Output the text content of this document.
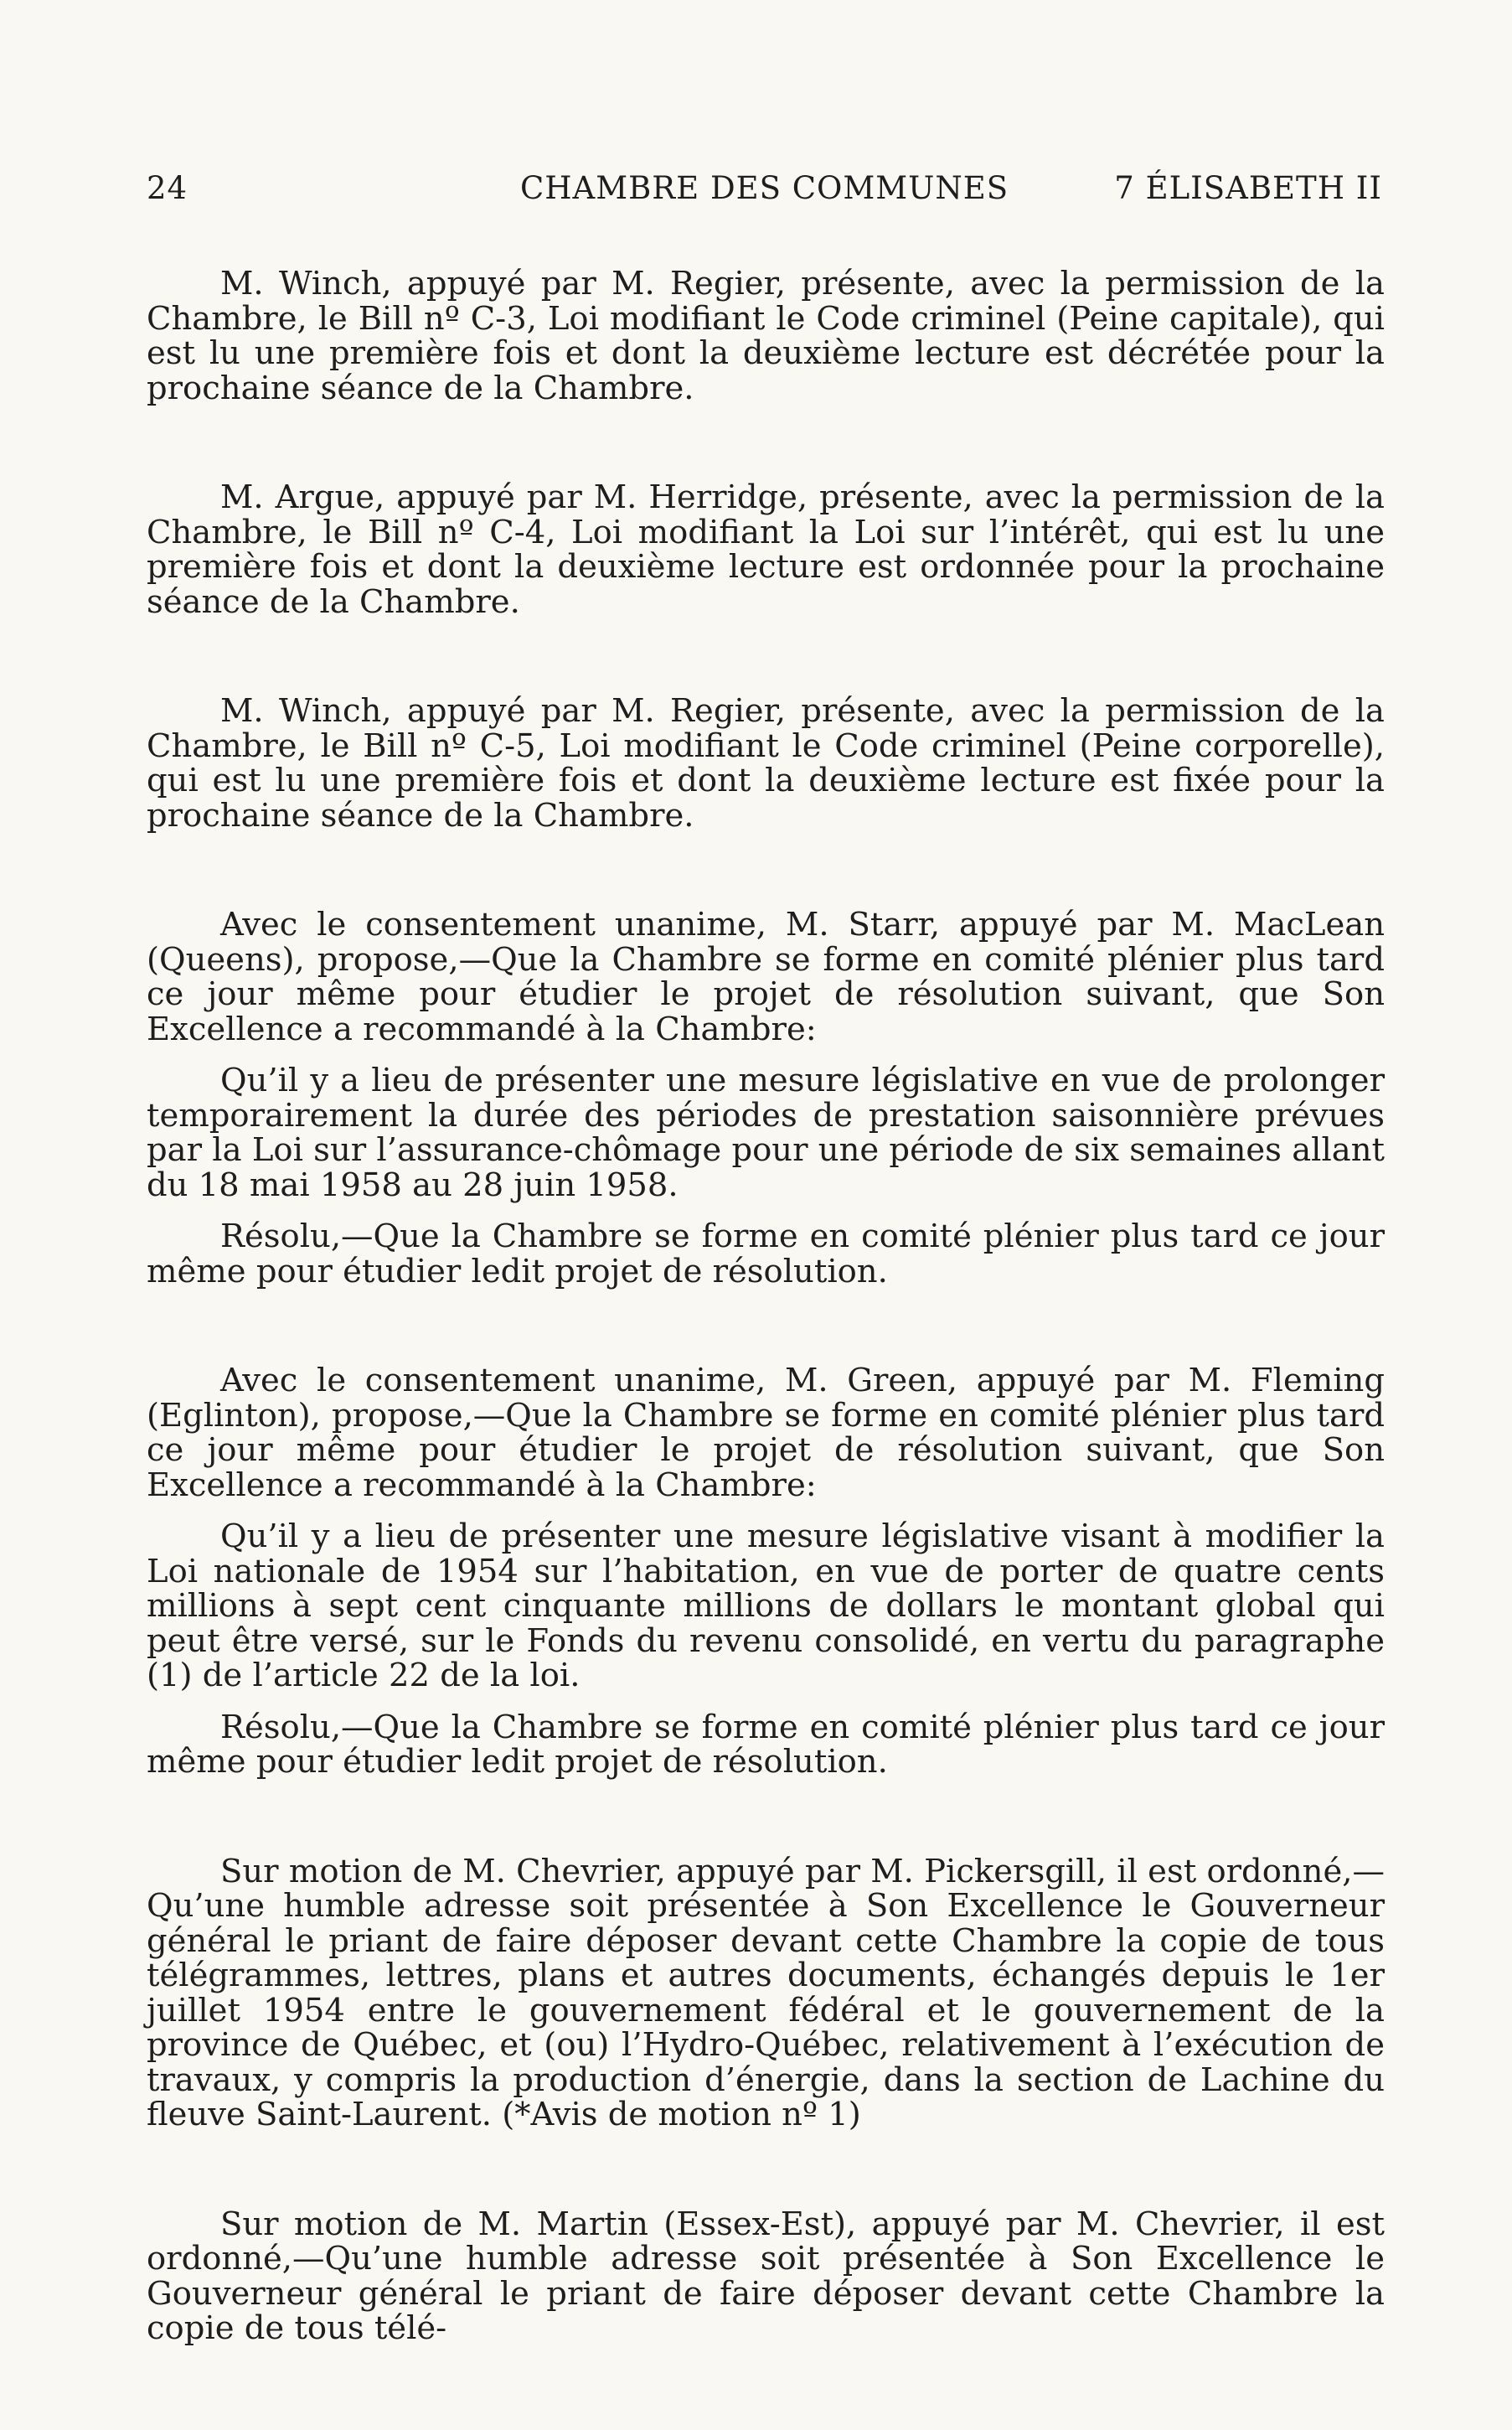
24	CHAMBRE DES COMMUNES	7 ÉLISABETH II

M. Winch, appuyé par M. Regier, présente, avec la permission de la Chambre, le Bill nº C-3, Loi modifiant le Code criminel (Peine capitale), qui est lu une première fois et dont la deuxième lecture est décrétée pour la prochaine séance de la Chambre.

M. Argue, appuyé par M. Herridge, présente, avec la permission de la Chambre, le Bill nº C-4, Loi modifiant la Loi sur l’intérêt, qui est lu une première fois et dont la deuxième lecture est ordonnée pour la prochaine séance de la Chambre.

M. Winch, appuyé par M. Regier, présente, avec la permission de la Chambre, le Bill nº C-5, Loi modifiant le Code criminel (Peine corporelle), qui est lu une première fois et dont la deuxième lecture est fixée pour la prochaine séance de la Chambre.

Avec le consentement unanime, M. Starr, appuyé par M. MacLean (Queens), propose,—Que la Chambre se forme en comité plénier plus tard ce jour même pour étudier le projet de résolution suivant, que Son Excellence a recommandé à la Chambre:

Qu’il y a lieu de présenter une mesure législative en vue de prolonger temporairement la durée des périodes de prestation saisonnière prévues par la Loi sur l’assurance-chômage pour une période de six semaines allant du 18 mai 1958 au 28 juin 1958.

Résolu,—Que la Chambre se forme en comité plénier plus tard ce jour même pour étudier ledit projet de résolution.

Avec le consentement unanime, M. Green, appuyé par M. Fleming (Eglinton), propose,—Que la Chambre se forme en comité plénier plus tard ce jour même pour étudier le projet de résolution suivant, que Son Excellence a recommandé à la Chambre:

Qu’il y a lieu de présenter une mesure législative visant à modifier la Loi nationale de 1954 sur l’habitation, en vue de porter de quatre cents millions à sept cent cinquante millions de dollars le montant global qui peut être versé, sur le Fonds du revenu consolidé, en vertu du paragraphe (1) de l’article 22 de la loi.

Résolu,—Que la Chambre se forme en comité plénier plus tard ce jour même pour étudier ledit projet de résolution.

Sur motion de M. Chevrier, appuyé par M. Pickersgill, il est ordonné,—Qu’une humble adresse soit présentée à Son Excellence le Gouverneur général le priant de faire déposer devant cette Chambre la copie de tous télégrammes, lettres, plans et autres documents, échangés depuis le 1er juillet 1954 entre le gouvernement fédéral et le gouvernement de la province de Québec, et (ou) l’Hydro-Québec, relativement à l’exécution de travaux, y compris la production d’énergie, dans la section de Lachine du fleuve Saint-Laurent. (*Avis de motion nº 1)

Sur motion de M. Martin (Essex-Est), appuyé par M. Chevrier, il est ordonné,—Qu’une humble adresse soit présentée à Son Excellence le Gouverneur général le priant de faire déposer devant cette Chambre la copie de tous télé-
